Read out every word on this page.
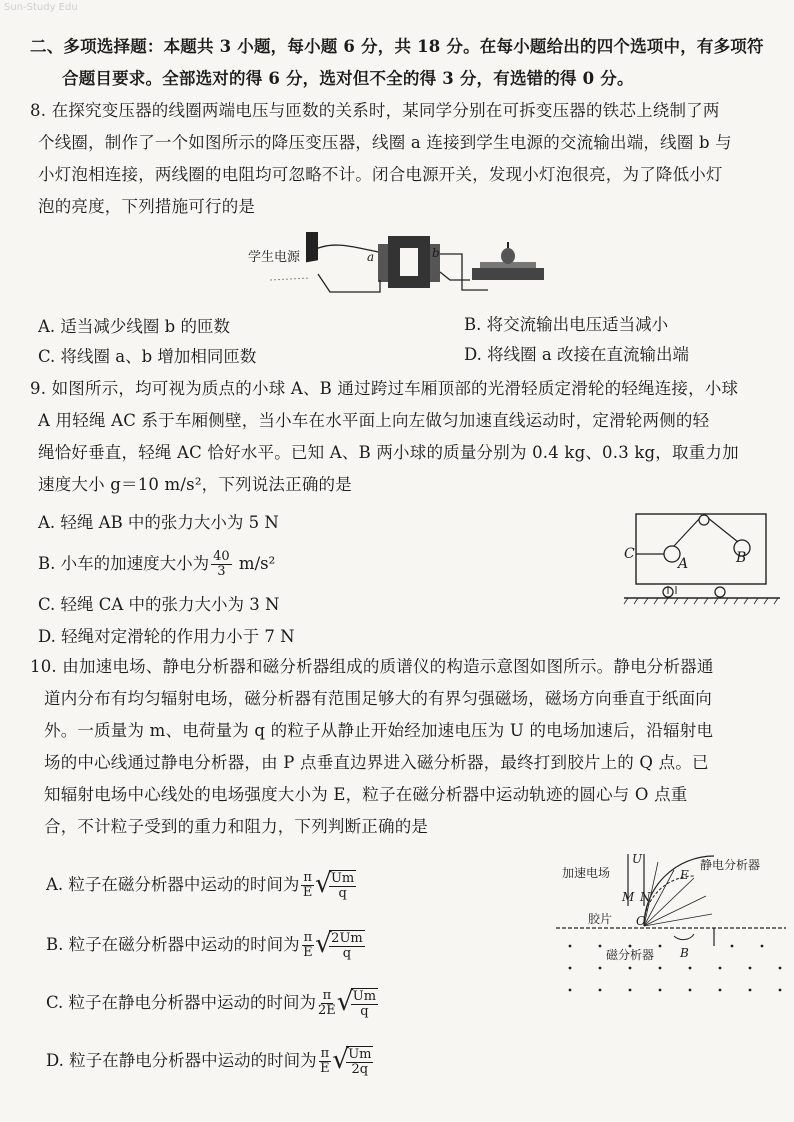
Sun-Study Edu
二、多项选择题：本题共 3 小题，每小题 6 分，共 18 分。在每小题给出的四个选项中，有多项符
合题目要求。全部选对的得 6 分，选对但不全的得 3 分，有选错的得 0 分。
8. 在探究变压器的线圈两端电压与匝数的关系时，某同学分别在可拆变压器的铁芯上绕制了两
个线圈，制作了一个如图所示的降压变压器，线圈 a 连接到学生电源的交流输出端，线圈 b 与
小灯泡相连接，两线圈的电阻均可忽略不计。闭合电源开关，发现小灯泡很亮，为了降低小灯
泡的亮度，下列措施可行的是
学生电源	a	b
A. 适当减少线圈 b 的匝数	B. 将交流输出电压适当减小
C. 将线圈 a、b 增加相同匝数	D. 将线圈 a 改接在直流输出端
9. 如图所示，均可视为质点的小球 A、B 通过跨过车厢顶部的光滑轻质定滑轮的轻绳连接，小球
A 用轻绳 AC 系于车厢侧壁，当小车在水平面上向左做匀加速直线运动时，定滑轮两侧的轻
绳恰好垂直，轻绳 AC 恰好水平。已知 A、B 两小球的质量分别为 0.4 kg、0.3 kg，取重力加
速度大小 g＝10 m/s²，下列说法正确的是
A. 轻绳 AB 中的张力大小为 5 N
B. 小车的加速度大小为 $\frac{40}{3} m/s^2$
C. 轻绳 CA 中的张力大小为 3 N
D. 轻绳对定滑轮的作用力小于 7 N
C
A	B
10. 由加速电场、静电分析器和磁分析器组成的质谱仪的构造示意图如图所示。静电分析器通
道内分布有均匀辐射电场，磁分析器有范围足够大的有界匀强磁场，磁场方向垂直于纸面向
外。一质量为 m、电荷量为 q 的粒子从静止开始经加速电压为 U 的电场加速后，沿辐射电
场的中心线通过静电分析器，由 P 点垂直边界进入磁分析器，最终打到胶片上的 Q 点。已
知辐射电场中心线处的电场强度大小为 E，粒子在磁分析器中运动轨迹的圆心与 O 点重
合，不计粒子受到的重力和阻力，下列判断正确的是
A. 粒子在磁分析器中运动的时间为 $\frac{\pi}{E}$ √ $\frac{Um}{q}$
B. 粒子在磁分析器中运动的时间为 $\frac{\pi}{E}$ √ $\frac{2Um}{q}$
C. 粒子在静电分析器中运动的时间为 $\frac{\pi}{2E}$ √ $\frac{Um}{q}$
D. 粒子在静电分析器中运动的时间为 $\frac{\pi}{E}$ √ $\frac{Um}{2q}$
加速电场
静电分析器
胶片
磁分析器
U
E
M N
O
B
